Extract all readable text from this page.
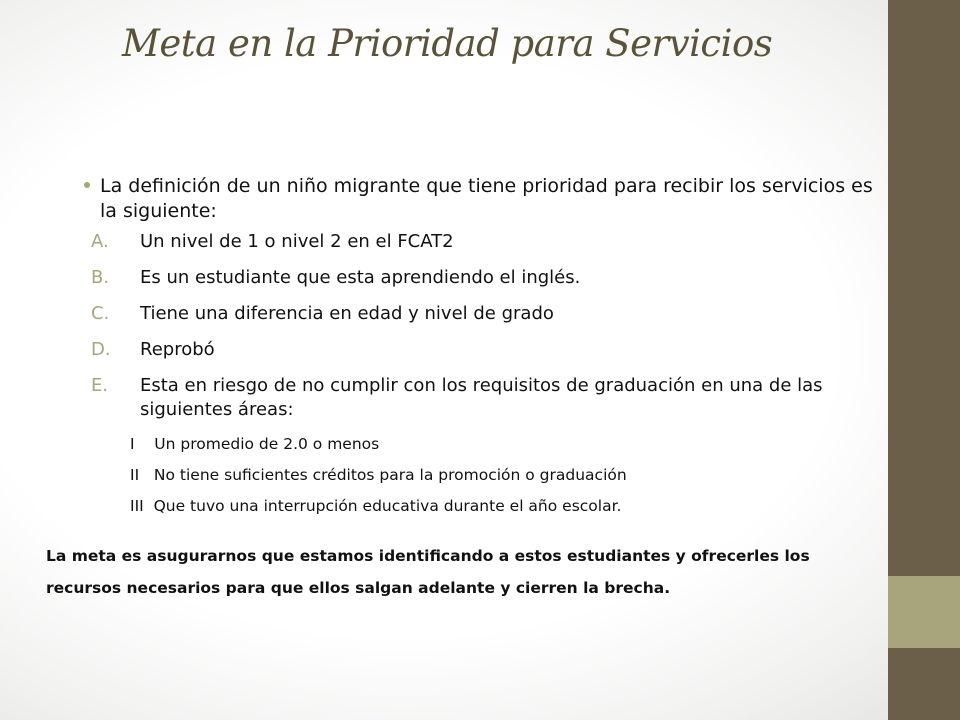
Meta en la Prioridad para Servicios

La definición de un niño migrante que tiene prioridad para recibir los servicios es la siguiente:

A. Un nivel de 1 o nivel 2 en el FCAT2
B. Es un estudiante que esta aprendiendo el inglés.
C. Tiene una diferencia en edad y nivel de grado
D. Reprobó
E. Esta en riesgo de no cumplir con los requisitos de graduación en una de las siguientes áreas:
I    Un promedio de 2.0 o menos
II   No tiene suficientes créditos para la promoción o graduación
III  Que tuvo una interrupción educativa durante el año escolar.

La meta es asugurarnos que estamos identificando a estos estudiantes y ofrecerles los recursos necesarios para que ellos salgan adelante y cierren la brecha.
